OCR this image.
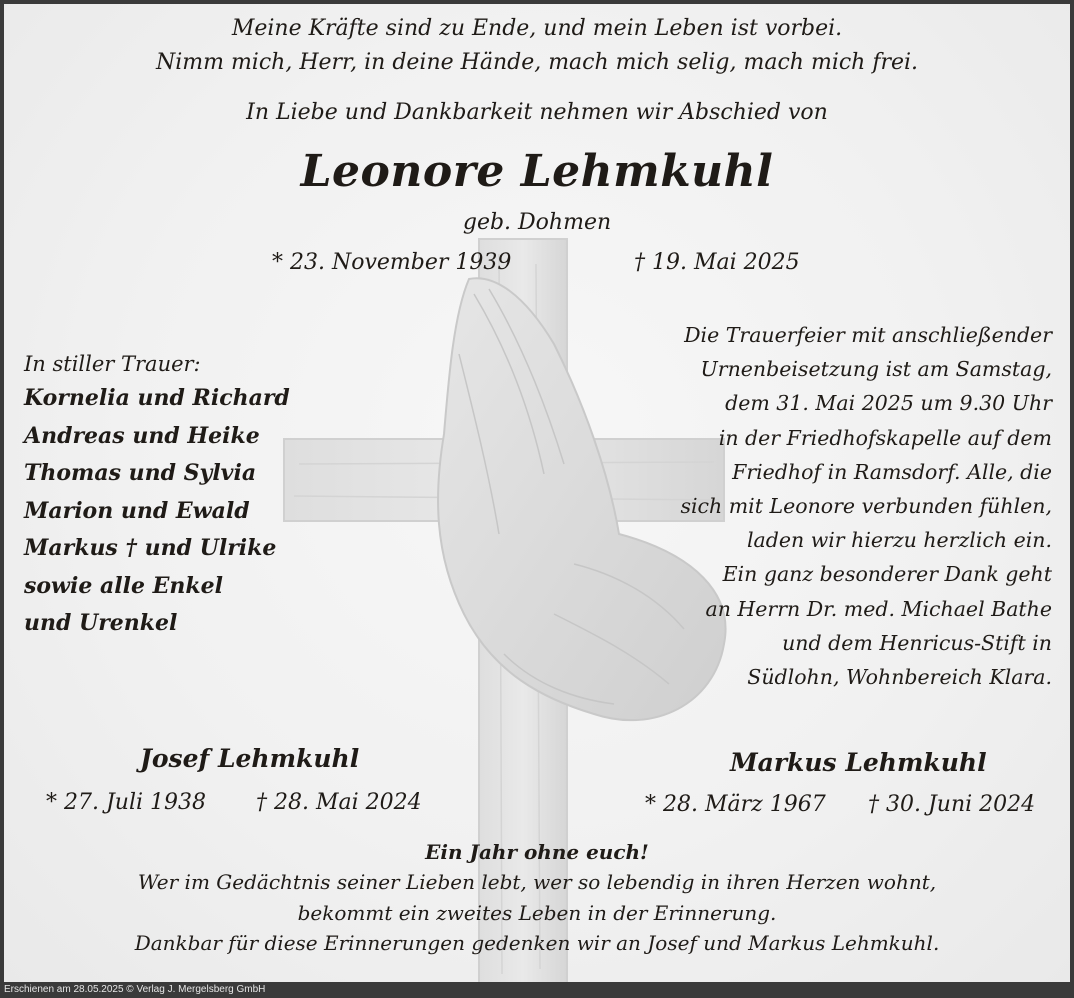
Meine Kräfte sind zu Ende, und mein Leben ist vorbei.
Nimm mich, Herr, in deine Hände, mach mich selig, mach mich frei.
In Liebe und Dankbarkeit nehmen wir Abschied von
Leonore Lehmkuhl
geb. Dohmen
* 23. November 1939	† 19. Mai 2025
In stiller Trauer:
Kornelia und Richard
Andreas und Heike
Thomas und Sylvia
Marion und Ewald
Markus † und Ulrike
sowie alle Enkel
und Urenkel
Die Trauerfeier mit anschließender
Urnenbeisetzung ist am Samstag,
dem 31. Mai 2025 um 9.30 Uhr
in der Friedhofskapelle auf dem
Friedhof in Ramsdorf. Alle, die
sich mit Leonore verbunden fühlen,
laden wir hierzu herzlich ein.
Ein ganz besonderer Dank geht
an Herrn Dr. med. Michael Bathe
und dem Henricus-Stift in
Südlohn, Wohnbereich Klara.
Josef Lehmkuhl
* 27. Juli 1938 † 28. Mai 2024
Markus Lehmkuhl
* 28. März 1967 † 30. Juni 2024
Ein Jahr ohne euch!
Wer im Gedächtnis seiner Lieben lebt, wer so lebendig in ihren Herzen wohnt,
bekommt ein zweites Leben in der Erinnerung.
Dankbar für diese Erinnerungen gedenken wir an Josef und Markus Lehmkuhl.
Erschienen am 28.05.2025 © Verlag J. Mergelsberg GmbH
